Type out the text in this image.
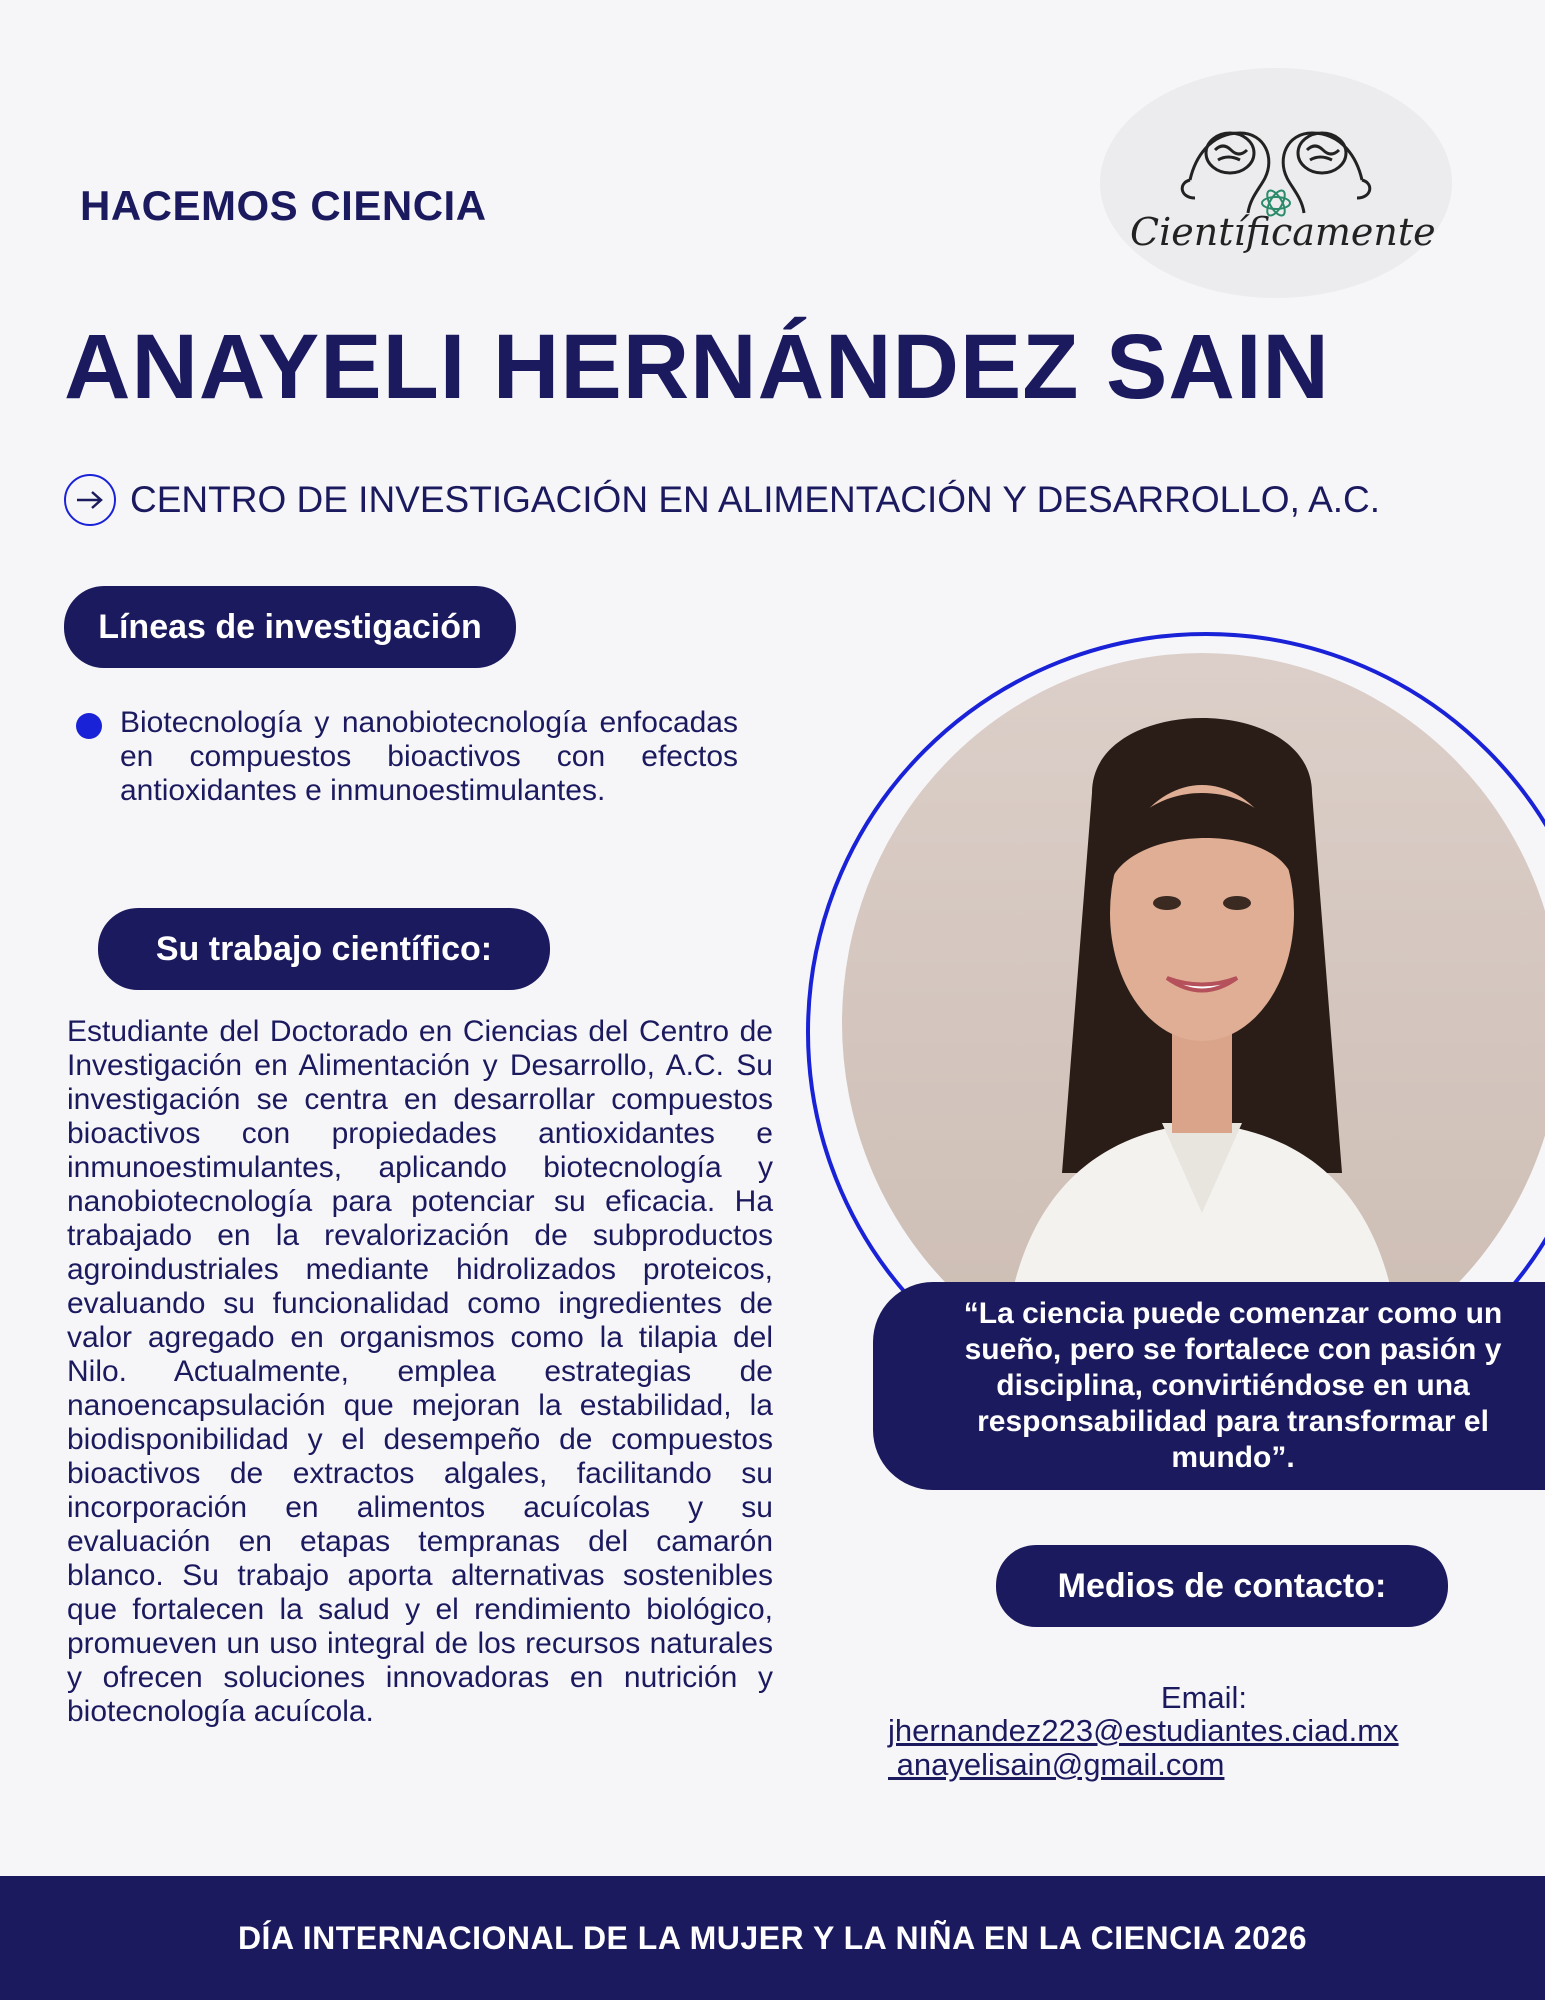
Científicamente
HACEMOS CIENCIA
ANAYELI HERNÁNDEZ SAIN
CENTRO DE INVESTIGACIÓN EN ALIMENTACIÓN Y DESARROLLO, A.C.
Líneas de investigación
Biotecnología y nanobiotecnología enfocadas en compuestos bioactivos con efectos antioxidantes e inmunoestimulantes.
Su trabajo científico:
Estudiante del Doctorado en Ciencias del Centro de Investigación en Alimentación y Desarrollo, A.C. Su investigación se centra en desarrollar compuestos bioactivos con propiedades antioxidantes e inmunoestimulantes, aplicando biotecnología y nanobiotecnología para potenciar su eficacia. Ha trabajado en la revalorización de subproductos agroindustriales mediante hidrolizados proteicos, evaluando su funcionalidad como ingredientes de valor agregado en organismos como la tilapia del Nilo. Actualmente, emplea estrategias de nanoencapsulación que mejoran la estabilidad, la biodisponibilidad y el desempeño de compuestos bioactivos de extractos algales, facilitando su incorporación en alimentos acuícolas y su evaluación en etapas tempranas del camarón blanco. Su trabajo aporta alternativas sostenibles que fortalecen la salud y el rendimiento biológico, promueven un uso integral de los recursos naturales y ofrecen soluciones innovadoras en nutrición y biotecnología acuícola.
“La ciencia puede comenzar como un sueño, pero se fortalece con pasión y disciplina, convirtiéndose en una responsabilidad para transformar el mundo”.
Medios de contacto:
Email:
jhernandez223@estudiantes.ciad.mx
anayelisain@gmail.com
DÍA INTERNACIONAL DE LA MUJER Y LA NIÑA EN LA CIENCIA 2026
